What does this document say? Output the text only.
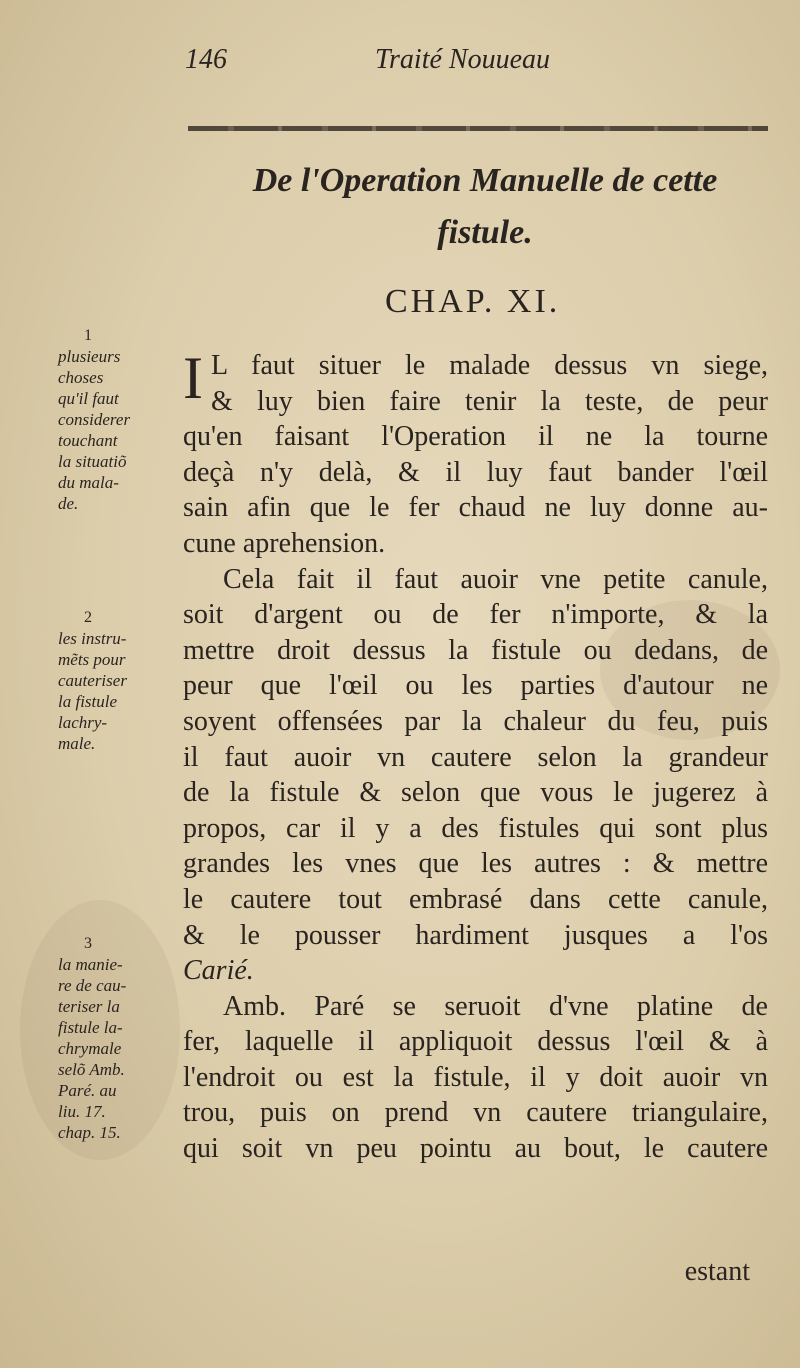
146	Traité Nouueau
De l'Operation Manuelle de cette
fistule.
CHAP. XI.
1
plusieurs
choses
qu'il faut
considerer
touchant
la situatiõ
du mala-
de.
2
les instru-
mẽts pour
cauteriser
la fistule
lachry-
male.
3
la manie-
re de cau-
teriser la
fistule la-
chrymale
selõ Amb.
Paré. au
liu. 17.
chap. 15.

I L faut situer le malade dessus vn siege,
& luy bien faire tenir la teste, de peur
qu'en faisant l'Operation il ne la tourne
deçà n'y delà, & il luy faut bander l'œil
sain afin que le fer chaud ne luy donne au-
cune aprehension.

Cela fait il faut auoir vne petite canule,
soit d'argent ou de fer n'importe, & la
mettre droit dessus la fistule ou dedans, de
peur que l'œil ou les parties d'autour ne
soyent offensées par la chaleur du feu, puis
il faut auoir vn cautere selon la grandeur
de la fistule & selon que vous le jugerez à
propos, car il y a des fistules qui sont plus
grandes les vnes que les autres : & mettre
le cautere tout embrasé dans cette canule,
& le pousser hardiment jusques a l'os
Carié.

Amb. Paré se seruoit d'vne platine de
fer, laquelle il appliquoit dessus l'œil & à
l'endroit ou est la fistule, il y doit auoir vn
trou, puis on prend vn cautere triangulaire,
qui soit vn peu pointu au bout, le cautere

estant
